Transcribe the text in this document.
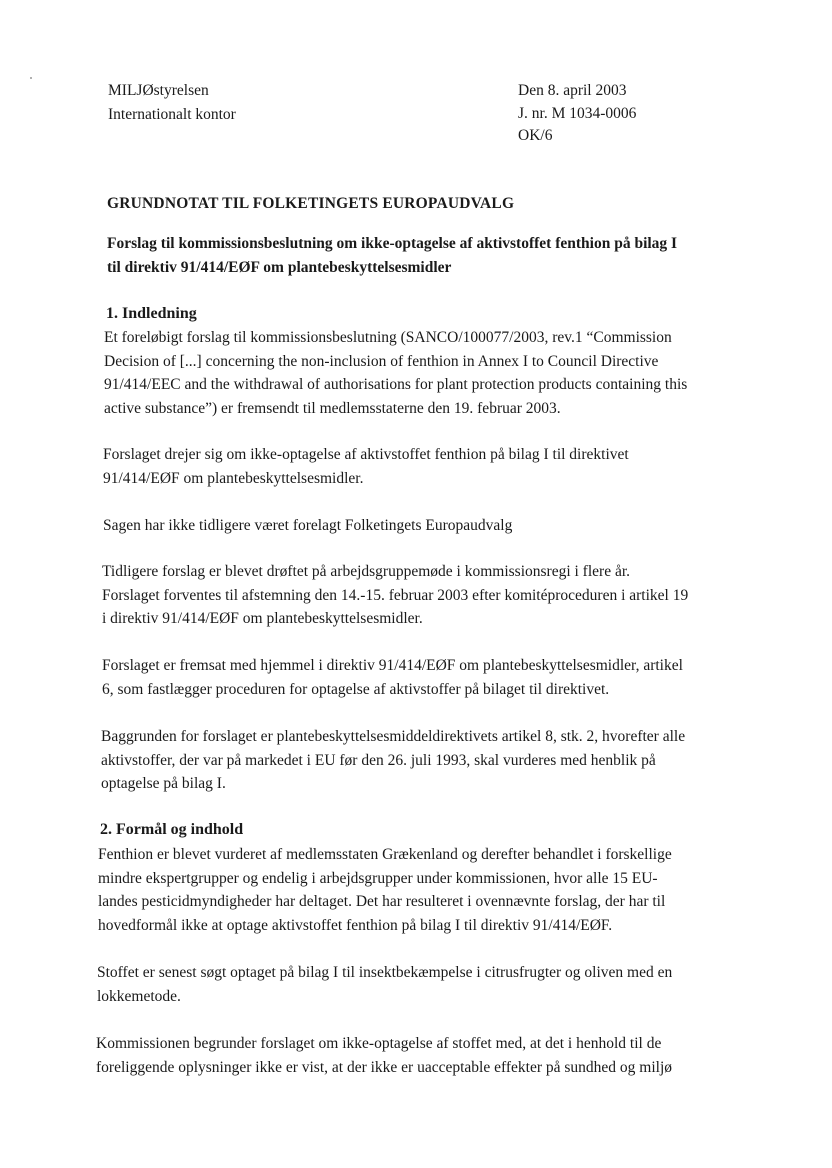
MILJØstyrelsen
Internationalt kontor
Den 8. april 2003
J. nr. M 1034-0006
OK/6
GRUNDNOTAT TIL FOLKETINGETS EUROPAUDVALG
Forslag til kommissionsbeslutning om ikke-optagelse af aktivstoffet fenthion på bilag I
til direktiv 91/414/EØF om plantebeskyttelsesmidler
1. Indledning
Et foreløbigt forslag til kommissionsbeslutning (SANCO/100077/2003, rev.1 “Commission
Decision of [...] concerning the non-inclusion of fenthion in Annex I to Council Directive
91/414/EEC and the withdrawal of authorisations for plant protection products containing this
active substance”) er fremsendt til medlemsstaterne den 19. februar 2003.
Forslaget drejer sig om ikke-optagelse af aktivstoffet fenthion på bilag I til direktivet
91/414/EØF om plantebeskyttelsesmidler.
Sagen har ikke tidligere været forelagt Folketingets Europaudvalg
Tidligere forslag er blevet drøftet på arbejdsgruppemøde i kommissionsregi i flere år.
Forslaget forventes til afstemning den 14.-15. februar 2003 efter komitéproceduren i artikel 19
i direktiv 91/414/EØF om plantebeskyttelsesmidler.
Forslaget er fremsat med hjemmel i direktiv 91/414/EØF om plantebeskyttelsesmidler, artikel
6, som fastlægger proceduren for optagelse af aktivstoffer på bilaget til direktivet.
Baggrunden for forslaget er plantebeskyttelsesmiddeldirektivets artikel 8, stk. 2, hvorefter alle
aktivstoffer, der var på markedet i EU før den 26. juli 1993, skal vurderes med henblik på
optagelse på bilag I.
2. Formål og indhold
Fenthion er blevet vurderet af medlemsstaten Grækenland og derefter behandlet i forskellige
mindre ekspertgrupper og endelig i arbejdsgrupper under kommissionen, hvor alle 15 EU-
landes pesticidmyndigheder har deltaget. Det har resulteret i ovennævnte forslag, der har til
hovedformål ikke at optage aktivstoffet fenthion på bilag I til direktiv 91/414/EØF.
Stoffet er senest søgt optaget på bilag I til insektbekæmpelse i citrusfrugter og oliven med en
lokkemetode.
Kommissionen begrunder forslaget om ikke-optagelse af stoffet med, at det i henhold til de
foreliggende oplysninger ikke er vist, at der ikke er uacceptable effekter på sundhed og miljø
